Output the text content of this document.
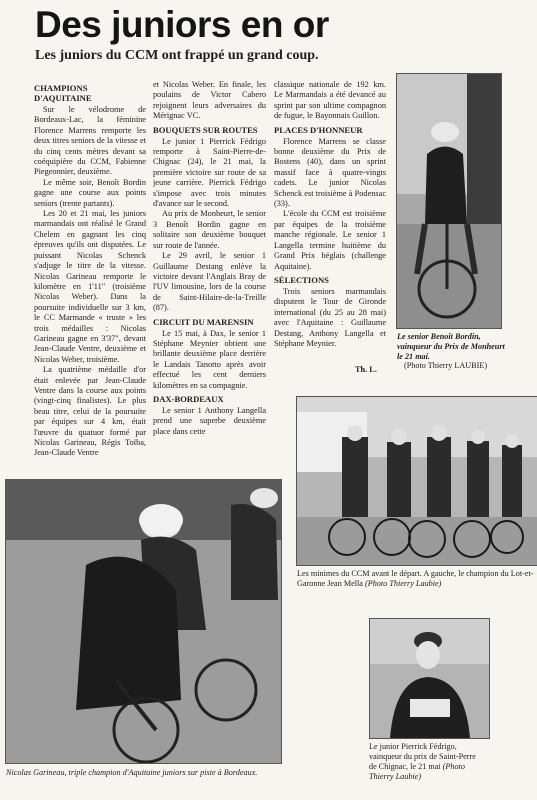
Des juniors en or
Les juniors du CCM ont frappé un grand coup.
CHAMPIONS D'AQUITAINE

Sur le vélodrome de Bordeaux-Lac, la féminine Florence Marrens remporte les deux titres seniors de la vitesse et du cinq cents mètres devant sa coéquipière du CCM, Fabienne Piegeonnier, deuxième.

Le même soir, Benoît Bordin gagne une course aux points seniors (trente partants).

Les 20 et 21 mai, les juniors marmandais ont réalisé le Grand Chelem en gagnant les cinq épreuves qu'ils ont disputées. Le puissant Nicolas Schenck s'adjuge le titre de la vitesse. Nicolas Garineau remporte le kilomètre en 1'11" (troisième Nicolas Weber). Dans la poursuite individuelle sur 3 km, le CC Marmande « truste » les trois médailles : Nicolas Garineau gagne en 3'37", devant Jean-Claude Ventre, deuxième et Nicolas Weber, troisième.

La quatrième médaille d'or était enlevée par Jean-Claude Ventre dans la course aux points (vingt-cinq finalistes). Le plus beau titre, celui de la poursuite par équipes sur 4 km, était l'œuvre du quatuor formé par Nicolas Garineau, Régis Toïba, Jean-Claude Ventre

et Nicolas Weber. En finale, les poulains de Victor Cabero rejoignent leurs adversaires du Mérignac VC.

BOUQUETS SUR ROUTES

Le junior 1 Pierrick Fédrigo remporte à Saint-Pierre-de-Chignac (24), le 21 mai, la première victoire sur route de sa jeune carrière. Pierrick Fédrigo s'impose avec trois minutes d'avance sur le second.

Au prix de Monheurt, le senior 3 Benoît Bordin gagne en solitaire son deuxième bouquet sur route de l'année.

Le 29 avril, le senior 1 Guillaume Destang enlève la victoire devant l'Anglais Bray de l'UV limousine, lors de la course de Saint-Hilaire-de-la-Treille (87).

CIRCUIT DU MARENSIN

Le 15 mai, à Dax, le senior 1 Stéphane Meynier obtient une brillante deuxième place derrière le Landais Tanotto après avoir effectué les cent derniers kilomètres en sa compagnie.

DAX-BORDEAUX

Le senior 1 Anthony Langella prend une superbe deuxième place dans cette

classique nationale de 192 km. Le Marmandais a été devancé au sprint par son ultime compagnon de fugue, le Bayonnais Guillon.

PLACES D'HONNEUR

Florence Marrens se classe bonne deuxième du Prix de Bostens (40), dans un sprint massif face à quatre-vingts cadets. Le junior Nicolas Schenck est troisième à Podensac (33).

L'école du CCM est troisième par équipes de la troisième manche régionale. Le senior 1 Langella termine huitième du Grand Prix béglais (challenge Aquitaine).

SÉLECTIONS

Trois seniors marmandais disputent le Tour de Gironde international (du 25 au 28 mai) avec l'Aquitaine : Guillaume Destang, Anthony Langella et Stéphane Meynier.

Th. L.
Le senior Benoît Bordin, vainqueur du Prix de Monheurt le 21 mai.
(Photo Thierry LAUBIE)
Les minimes du CCM avant le départ. A gauche, le champion du Lot-et-Garonne Jean Mella (Photo Thierry Laubie)
Nicolas Garineau, triple champion d'Aquitaine juniors sur piste à Bordeaux.
Le junior Pierrick Fédrigo, vainqueur du prix de Saint-Perre de Chignac, le 21 mai (Photo Thierry Laubie)
